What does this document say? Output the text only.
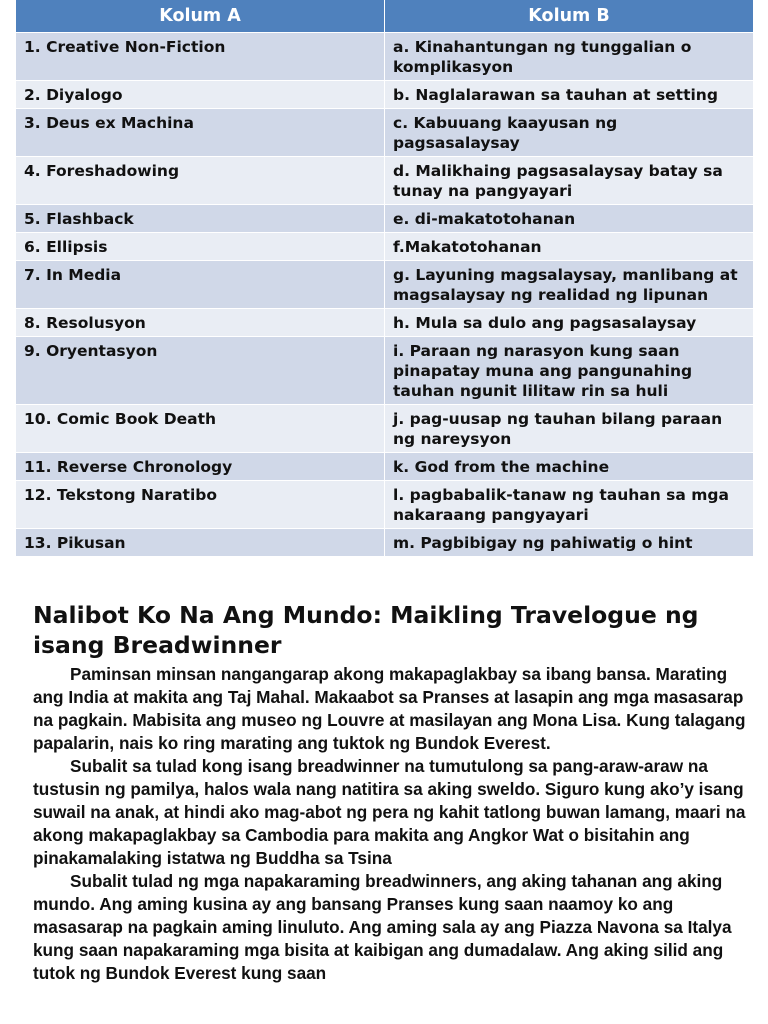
Kolum A	Kolum B
1. Creative Non-Fiction	a. Kinahantungan ng tunggalian o komplikasyon
2. Diyalogo	b. Naglalarawan sa tauhan at setting
3. Deus ex Machina	c. Kabuuang kaayusan ng pagsasalaysay
4. Foreshadowing	d. Malikhaing pagsasalaysay batay sa tunay na pangyayari
5. Flashback	e. di-makatotohanan
6. Ellipsis	f.Makatotohanan
7. In Media	g. Layuning magsalaysay, manlibang at magsalaysay ng realidad ng lipunan
8. Resolusyon	h. Mula sa dulo ang pagsasalaysay
9. Oryentasyon	i. Paraan ng narasyon kung saan pinapatay muna ang pangunahing tauhan ngunit lilitaw rin sa huli
10. Comic Book Death	j. pag-uusap ng tauhan bilang paraan ng nareysyon
11. Reverse Chronology	k. God from the machine
12. Tekstong Naratibo	l. pagbabalik-tanaw ng tauhan sa mga nakaraang pangyayari
13. Pikusan	m. Pagbibigay ng pahiwatig o hint
Nalibot Ko Na Ang Mundo: Maikling Travelogue ng isang Breadwinner

Paminsan minsan nangangarap akong makapaglakbay sa ibang bansa. Marating ang India at makita ang Taj Mahal. Makaabot sa Pranses at lasapin ang mga masasarap na pagkain. Mabisita ang museo ng Louvre at masilayan ang Mona Lisa. Kung talagang papalarin, nais ko ring marating ang tuktok ng Bundok Everest.

Subalit sa tulad kong isang breadwinner na tumutulong sa pang-araw-araw na tustusin ng pamilya, halos wala nang natitira sa aking sweldo. Siguro kung ako’y isang suwail na anak, at hindi ako mag-abot ng pera ng kahit tatlong buwan lamang, maari na akong makapaglakbay sa Cambodia para makita ang Angkor Wat o bisitahin ang pinakamalaking istatwa ng Buddha sa Tsina

Subalit tulad ng mga napakaraming breadwinners, ang aking tahanan ang aking mundo. Ang aming kusina ay ang bansang Pranses kung saan naamoy ko ang masasarap na pagkain aming linuluto. Ang aming sala ay ang Piazza Navona sa Italya kung saan napakaraming mga bisita at kaibigan ang dumadalaw. Ang aking silid ang tutok ng Bundok Everest kung saan
